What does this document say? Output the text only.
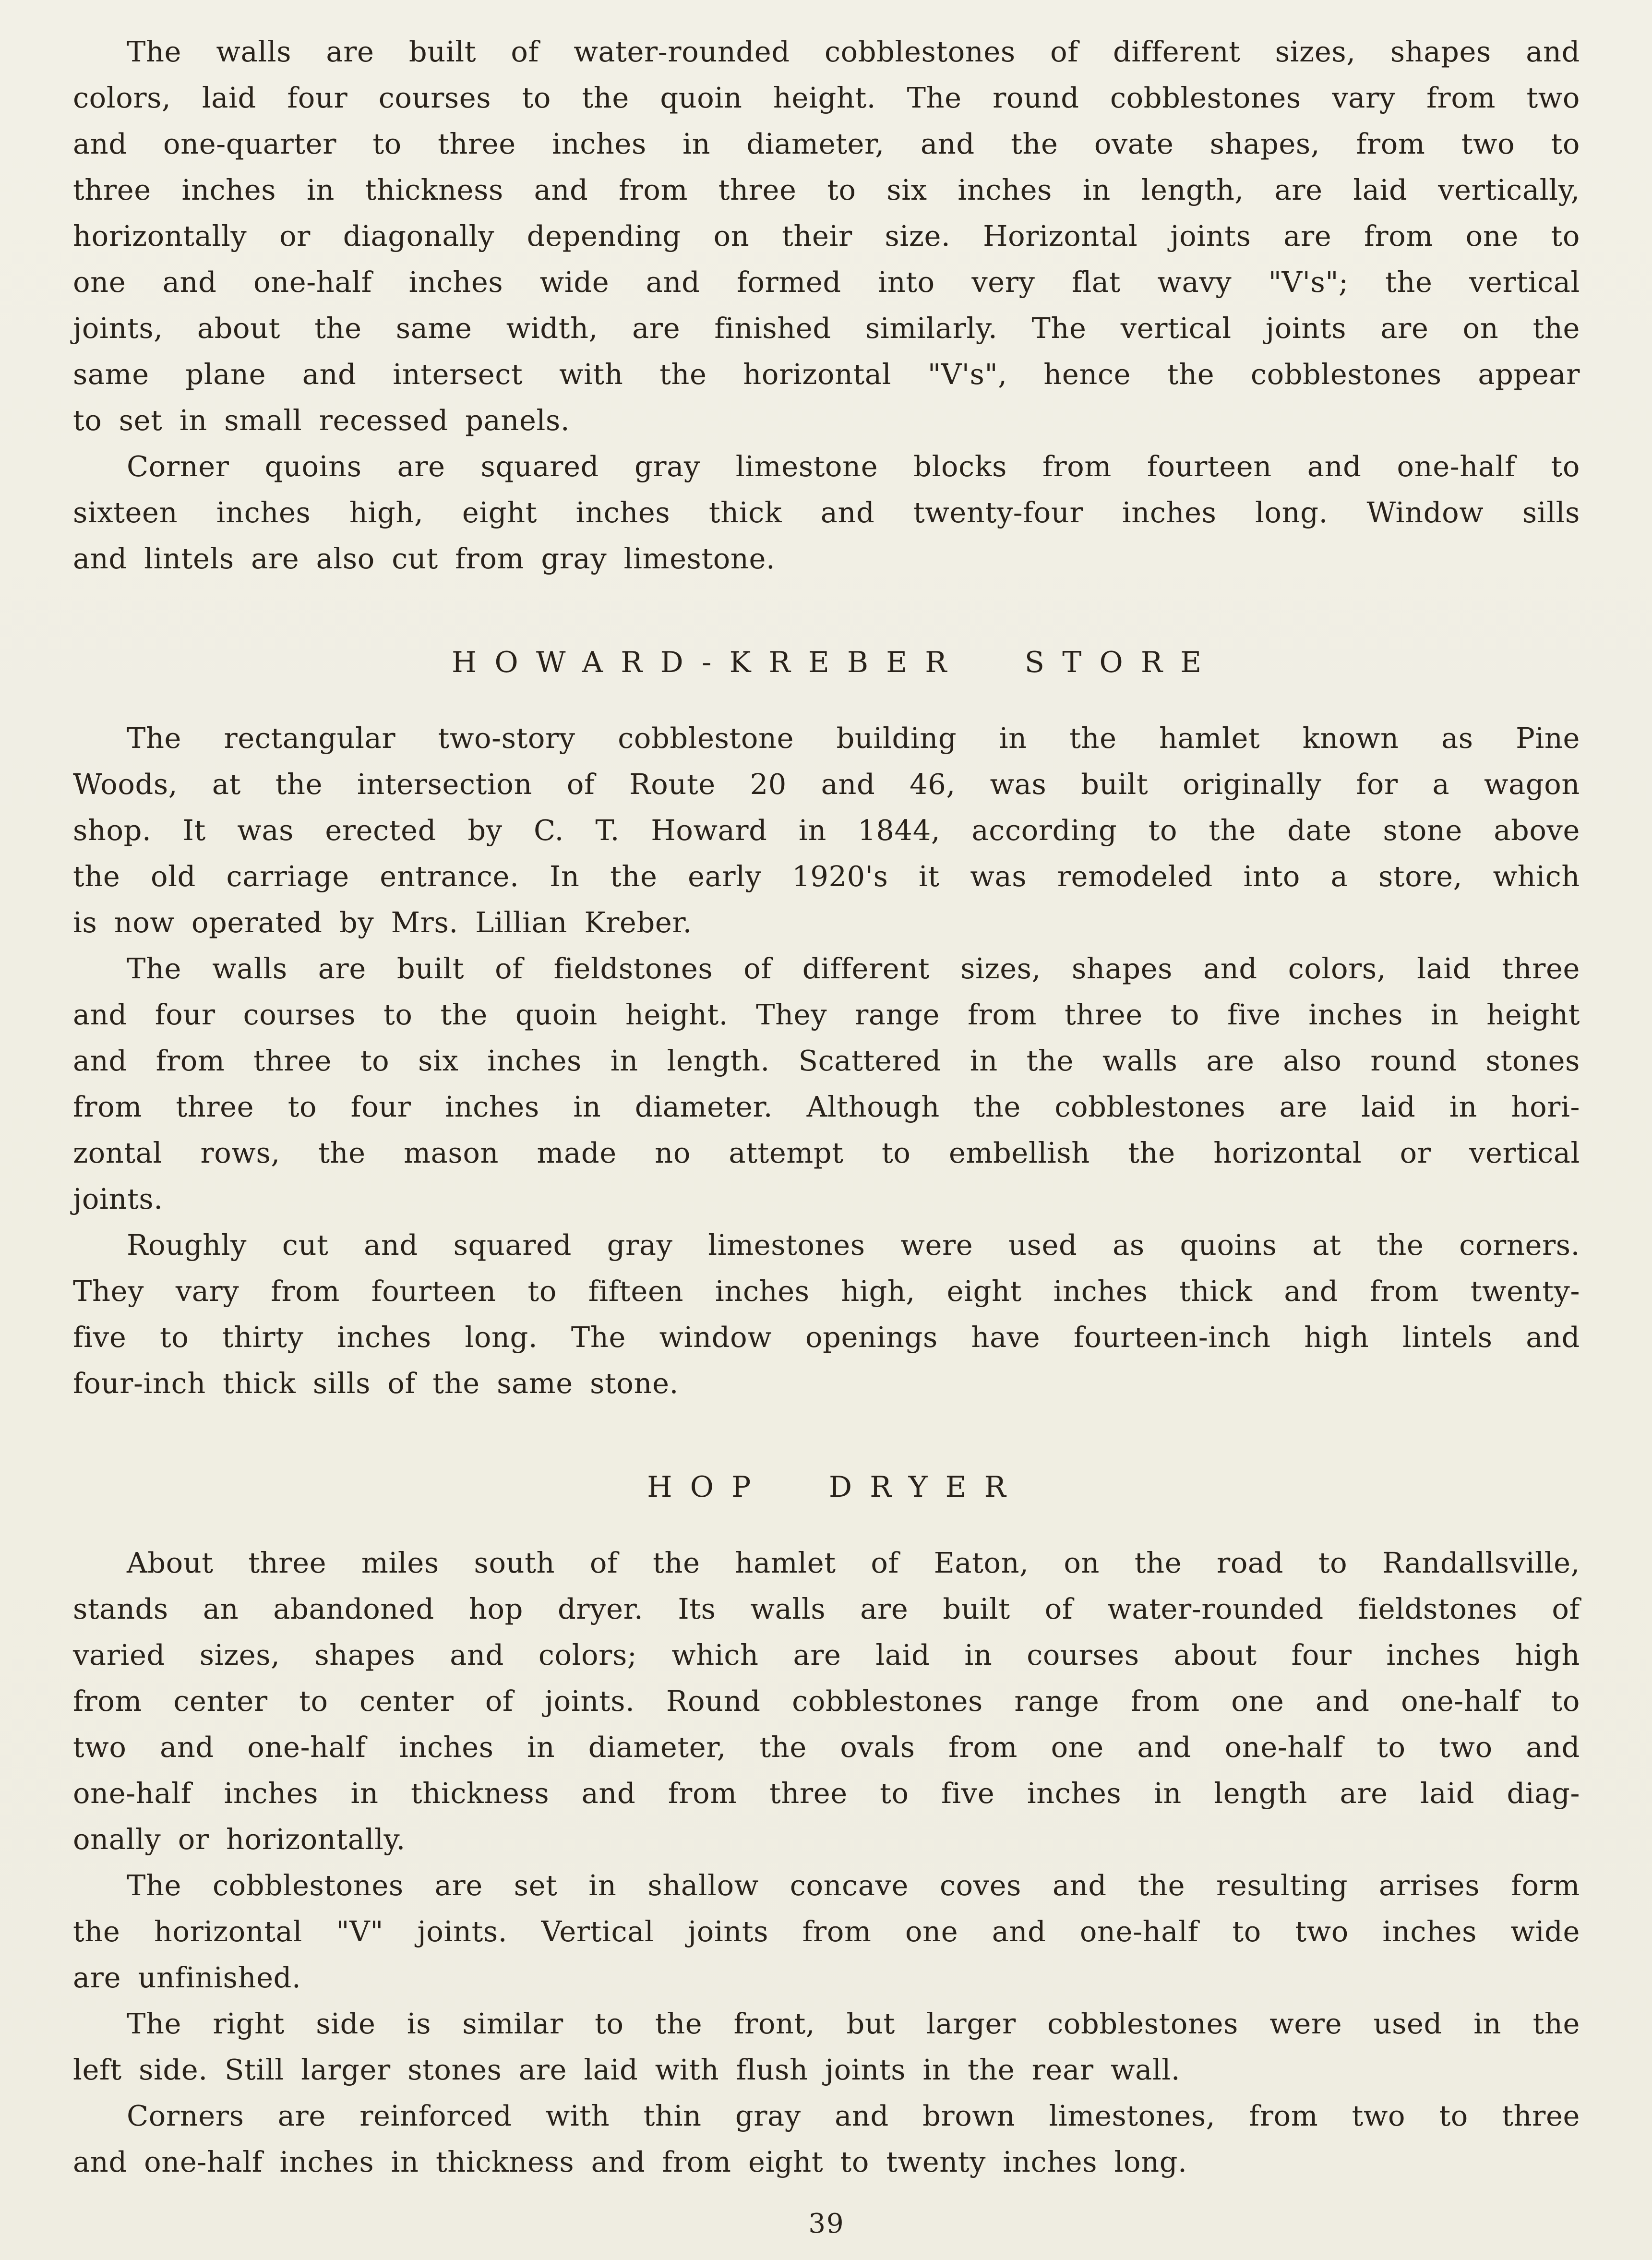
The walls are built of water-rounded cobblestones of different sizes, shapes and
colors, laid four courses to the quoin height. The round cobblestones vary from two
and one-quarter to three inches in diameter, and the ovate shapes, from two to
three inches in thickness and from three to six inches in length, are laid vertically,
horizontally or diagonally depending on their size. Horizontal joints are from one to
one and one-half inches wide and formed into very flat wavy "V's"; the vertical
joints, about the same width, are finished similarly. The vertical joints are on the
same plane and intersect with the horizontal "V's", hence the cobblestones appear
to set in small recessed panels.

Corner quoins are squared gray limestone blocks from fourteen and one-half to
sixteen inches high, eight inches thick and twenty-four inches long. Window sills
and lintels are also cut from gray limestone.

HOWARD-KREBER STORE

The rectangular two-story cobblestone building in the hamlet known as Pine
Woods, at the intersection of Route 20 and 46, was built originally for a wagon
shop. It was erected by C. T. Howard in 1844, according to the date stone above
the old carriage entrance. In the early 1920's it was remodeled into a store, which
is now operated by Mrs. Lillian Kreber.

The walls are built of fieldstones of different sizes, shapes and colors, laid three
and four courses to the quoin height. They range from three to five inches in height
and from three to six inches in length. Scattered in the walls are also round stones
from three to four inches in diameter. Although the cobblestones are laid in hori-
zontal rows, the mason made no attempt to embellish the horizontal or vertical
joints.

Roughly cut and squared gray limestones were used as quoins at the corners.
They vary from fourteen to fifteen inches high, eight inches thick and from twenty-
five to thirty inches long. The window openings have fourteen-inch high lintels and
four-inch thick sills of the same stone.

HOP DRYER

About three miles south of the hamlet of Eaton, on the road to Randallsville,
stands an abandoned hop dryer. Its walls are built of water-rounded fieldstones of
varied sizes, shapes and colors; which are laid in courses about four inches high
from center to center of joints. Round cobblestones range from one and one-half to
two and one-half inches in diameter, the ovals from one and one-half to two and
one-half inches in thickness and from three to five inches in length are laid diag-
onally or horizontally.

The cobblestones are set in shallow concave coves and the resulting arrises form
the horizontal "V" joints. Vertical joints from one and one-half to two inches wide
are unfinished.

The right side is similar to the front, but larger cobblestones were used in the
left side. Still larger stones are laid with flush joints in the rear wall.

Corners are reinforced with thin gray and brown limestones, from two to three
and one-half inches in thickness and from eight to twenty inches long.

39
